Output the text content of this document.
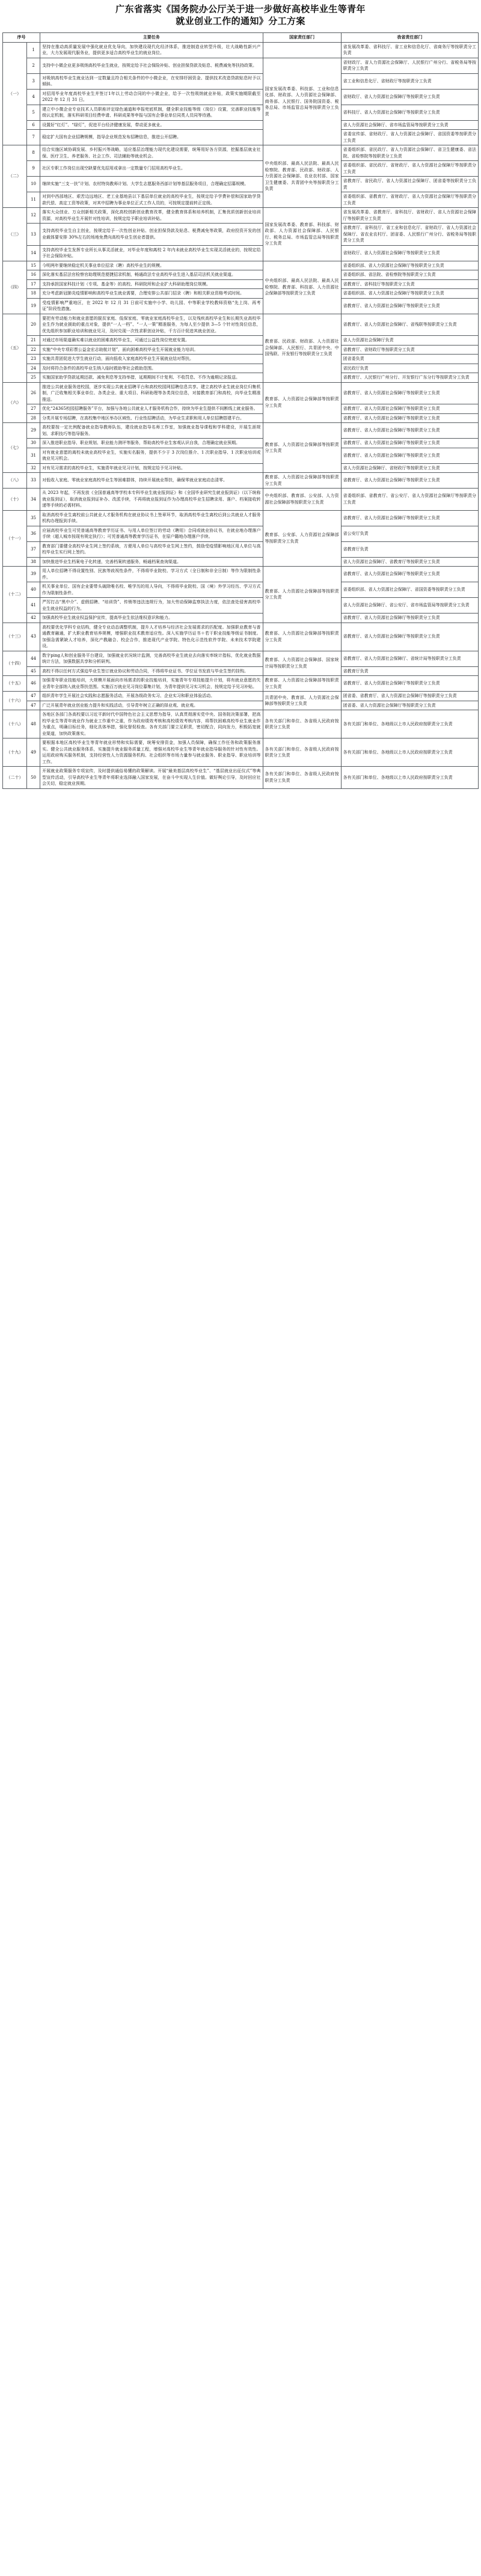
广东省落实《国务院办公厅关于进一步做好高校毕业生等青年
就业创业工作的通知》分工方案
序号		主要任务	国家责任部门	我省责任部门
（一）	1	坚持在推动高质量发展中强化就业优先导向，加快建设现代化经济体系，推进制造业转型升级，壮大战略性新兴产业，大力发展现代服务业，提供更多适合高校毕业生的就业岗位。		省发展改革委、省科技厅、省工业和信息化厅、省商务厅等按职责分工负责
	2	支持中小微企业更多吸纳高校毕业生就业，按规定给予社会保险补贴、创业担保贷款及贴息、税费减免等扶持政策。	国家发展改革委、科技部、工业和信息化部、财政部、人力资源社会保障部、商务部、人民银行、国务院国资委、税务总局、市场监管总局等按职责分工负责	省财政厅、省人力资源社会保障厅、人民银行广州分行、省税务局等按职责分工负责
	3	对吸纳高校毕业生就业达到一定数量且符合相关条件的中小微企业，在安排纾困资金、提供技术改造贷款贴息时予以倾斜。		省工业和信息化厅、省财政厅等按职责分工负责
	4	对招用毕业年度高校毕业生并签订1年以上劳动合同的中小微企业，给予一次性吸纳就业补贴，政策实施期限截至 2022 年 12 月 31 日。		省财政厅、省人力资源社会保障厅等按职责分工负责
	5	建立中小微企业专业技术人员职称评定绿色通道和申报兜底机制，健全职业技能等级（岗位）设置，完善职业技能等级认定机制，落实科研项目经费申请、科研成果等申报与国有企事业单位同类人员同等待遇。		省科技厅、省人力资源社会保障厅等按职责分工负责
	6	设置好“红灯”、“绿灯”，促进平台经济健康发展，带动更多就业。		省人力资源社会保障厅、省市场监管局等按职责分工负责
	7	稳定扩大国有企业招聘规模，指导企业规范发布招聘信息，推进公开招聘。		省委宣传部、省财政厅、省人力资源社会保障厅、省国资委等按职责分工负责
（二）	8	结合实施区域协调发展、乡村振兴等战略，适应基层治理能力现代化建设需要，统筹用好各方资源，挖掘基层就业社保、医疗卫生、养老服务、社会工作、司法辅助等就业机会。	中央组织部、最高人民法院、最高人民检察院、教育部、民政部、财政部、人力资源社会保障部、农业农村部、国家卫生健康委、共青团中央等按职责分工负责	省委组织部、省民政厅、省人力资源社会保障厅、省卫生健康委、省法院、省检察院等按职责分工负责
	9	社区专职工作岗位出现空缺要优先招用或拿出一定数量专门招用高校毕业生。		省委组织部、省民政厅、省财政厅、省人力资源社会保障厅等按职责分工负责
	10	继续实施“三支一扶”计划、农村特岗教师计划、大学生志愿服务西部计划等基层服务项目，合理确定招募规模。		省教育厅、省民政厅、省人力资源社会保障厅、团省委等按职责分工负责
	11	对到中西部地区、艰苦边远地区、老工业基地县以下基层单位就业的高校毕业生，按规定给予学费补偿和国家助学贷款代偿、高定工资等政策，对其中招聘为事业单位正式工作人员的，可按规定提前转正定级。		省委组织部、省教育厅、省财政厅、省人力资源社会保障厅等按职责分工负责
（三）	12	落实大众创业、万众创新相关政策，深化高校创新创业教育改革，健全教育体系和培养机制，汇集优质创新创业培训资源，对高校毕业生开展针对性培训，按规定给予职业培训补贴。	国家发展改革委、教育部、科技部、财政部、人力资源社会保障部、人民银行、税务总局、市场监管总局等按职责分工负责	省发展改革委、省教育厅、省科技厅、省财政厅、省人力资源社会保障厅等按职责分工负责
	13	支持高校毕业生自主创业，按规定给予一次性创业补贴、创业担保贷款及贴息、税费减免等政策，政府投资开发的创业载体要安排 30%左右的场地免费向高校毕业生创业者提供。		省教育厅、省科技厅、省工业和信息化厅、省财政厅、省人力资源社会保障厅、省农业农村厅、团省委、人民银行广州分行、省税务局等按职责分工负责
	14	支持高校毕业生发挥专业所长从事灵活就业，对毕业年度和离校 2 年内未就业高校毕业生实现灵活就业的，按规定给予社会保险补贴。		省财政厅、省人力资源社会保障厅等按职责分工负责
（四）	15	今明两年要继续稳定机关事业单位招录（聘）高校毕业生的规模。	中央组织部、最高人民法院、最高人民检察院、教育部、科技部、人力资源社会保障部等按职责分工负责	省委组织部、省人力资源社会保障厅等按职责分工负责
	16	深化落实基层法官检察官助理规范便捷招录机制，畅通政法专业高校毕业生进入基层司法机关就业渠道。		省委组织部、省法院、省检察院等按职责分工负责
	17	支持承担国家科技计划（专项、基金等）的高校、科研院所和企业扩大科研助理岗位规模。		省教育厅、省科技厅等按职责分工负责
	18	充分考虑新冠肺炎疫情影响和高校毕业生就业需要，合理安排公共部门招录（聘）和相关职业资格考试时间。		省委组织部、省人力资源社会保障厅等按职责分工负责
	19	受疫情影响严重地区，在 2022 年 12 月 31 日前可实施中小学、幼儿园、中等职业学校教师资格“先上岗、再考证”阶段性措施。		省教育厅、省人力资源社会保障厅等按职责分工负责
（五）	20	要把有劳动能力和就业意愿的脱贫家庭、低保家庭、零就业家庭高校毕业生，以及残疾高校毕业生和长期失业高校毕业生作为就业援助的重点对象，提供“一人一档”、“一人一策”精准服务，为每人至少提供 3—5 个针对性岗位信息，优先组织参加职业培训和就业见习，及时兑现一次性求职创业补贴，千方百计促进其就业创业。	教育部、民政部、财政部、人力资源社会保障部、人民银行、共青团中央、中国残联、开发银行等按职责分工负责	省教育厅、省人力资源社会保障厅、省残联等按职责分工负责
	21	对通过市场渠道确实难以就业的困难高校毕业生，可通过公益性岗位兜底安置。		省人力资源社会保障厅负责
	22	实施“中央专项彩票公益金宏志助航计划”，面向困难高校毕业生开展就业能力培训。		省教育厅、省财政厅等按职责分工负责
	23	实施共青团促进大学生就业行动，面向低收入家庭高校毕业生开展就业结对帮扶。		团省委负责
	24	及时将符合条件的高校毕业生纳入临时救助等社会救助范围。		省民政厅负责
	25	实施国家助学贷款延期还款、减免利息等支持举措，延期期间不计复利、不收罚息、不作为逾期记录报送。		省教育厅、人民银行广州分行、开发银行广东分行等按职责分工负责
（六）	26	推进公共就业服务进校园，逐步实现公共就业招聘平台和高校校园网招聘信息共享。建立高校毕业生就业岗位归集机制，广泛收集相关事业单位、各类企业、重大项目、科研助理等各类岗位信息，对接教育部门和高校，向毕业生精准推送。	教育部、人力资源社会保障部等按职责分工负责	省教育厅、省人力资源社会保障厅等按职责分工负责
	27	优化“24365校园招聘服务”平台，加强与各地公共就业人才服务机构合作，持续为毕业生提供不间断线上就业服务。		省教育厅、省人力资源社会保障厅等按职责分工负责
	28	分类开展专场招聘，在高校集中地区举办区域性、行业性招聘活动，为毕业生求职和用人单位招聘搭建平台。		省教育厅、省人力资源社会保障厅等按职责分工负责
（七）	29	高校要按一定比例配备就业指导教师队伍，建设就业指导名师工作室，加强就业指导课程和学科建设，开展生涯规划、求职技巧等指导服务。	教育部、人力资源社会保障部等按职责分工负责	省教育厅、省人力资源社会保障厅等按职责分工负责
	30	深入推进职业指导、职业规划、职业能力测评等服务，帮助高校毕业生客观认识自我，合理确定就业预期。		省教育厅、省人力资源社会保障厅等按职责分工负责
	31	对有就业意愿的离校未就业高校毕业生，实施实名服务，提供不少于 3 次岗位推介、1 次职业指导、1 次职业培训或就业见习机会。		省教育厅、省人力资源社会保障厅等按职责分工负责
	32	对有见习需求的高校毕业生，实施青年就业见习计划，按规定给予见习补贴。		省人力资源社会保障厅、省财政厅等按职责分工负责
（八）	33	对低收入家庭、零就业家庭高校毕业生等困难群体，持续开展就业帮扶，确保零就业家庭动态清零。	教育部、人力资源社会保障部等按职责分工负责	省教育厅、省人力资源社会保障厅等按职责分工负责
（十）	34	从 2023 年起，不再发放《全国普通高等学校本专科毕业生就业报到证》和《全国毕业研究生就业报到证》（以下统称就业报到证），取消就业报到证补办、改派手续，不再将就业报到证作为办理高校毕业生招聘录用、落户、档案接收转递等手续的必需材料。	中央组织部、教育部、公安部、人力资源社会保障部等按职责分工负责	省委组织部、省教育厅、省公安厅、省人力资源社会保障厅等按职责分工负责
（十一）	35	取消高校毕业生离校前公共就业人才服务机构在就业协议书上签章环节，取消高校毕业生离校后到公共就业人才服务机构办理报到手续。	教育部、公安部、人力资源社会保障部等按职责分工负责	省教育厅、省人力资源社会保障厅等按职责分工负责
	36	应届高校毕业生可凭普通高等教育学历证书、与用人单位签订的劳动（聘用）合同或就业协议书，在就业地办理落户手续（超人城市按现有规定执行）；可凭普通高等教育学历证书，在原户籍地办理落户手续。		省公安厅负责
	37	教育部门要健全高校毕业生网上签约系统，方便用人单位与高校毕业生网上签约，鼓励受疫情影响地区用人单位与高校毕业生实行网上签约。		省教育厅负责
	38	加快推进毕业生档案电子化转递，完善档案转递服务，畅通档案查询渠道。		省人力资源社会保障厅、省教育厅等按职责分工负责
（十二）	39	用人单位招聘不得设置性别、民族等歧视性条件，不得将毕业院校、学习方式（全日制和非全日制）等作为限制性条件。	教育部、人力资源社会保障部等按职责分工负责	省教育厅、省人力资源社会保障厅等按职责分工负责
	40	机关事业单位、国有企业要带头破除唯名校、唯学历的用人导向，不得将毕业院校、国（境）外学习经历、学习方式作为限制性条件。		省委组织部、省人力资源社会保障厅、省国资委等按职责分工负责
	41	严厉打击“黑中介”、虚假招聘、“培训贷”、传销等违法违规行为，加大劳动保障监察执法力度，依法查处侵害高校毕业生就业权益的行为。		省人力资源社会保障厅、省公安厅、省市场监管局等按职责分工负责
	42	加强高校毕业生就业权益保护宣传，提高毕业生依法维权意识和能力。		省教育厅、省人力资源社会保障厅等按职责分工负责
（十三）	43	高校要优化学科专业结构，健全专业动态调整机制，提升人才培养与经济社会发展需求的匹配度。加强职业教育与普通教育融通，扩大职业教育培养规模，增强职业技术教育适应性。深入实施学历证书＋若干职业技能等级证书制度。加强急需紧缺人才培养，深化产教融合、校企合作，推进现代产业学院、特色化示范性软件学院、未来技术学院建设。	教育部、人力资源社会保障部等按职责分工负责	省教育厅、省人力资源社会保障厅等按职责分工负责
（十四）	44	数字ping人和创业服务平台建设，加强就业状况统计监测，完善高校毕业生就业去向落实率统计指标，优化就业数据统计方法，加强数据共享和分析研判。	教育部、人力资源社会保障部、国家统计局等按职责分工负责	省教育厅、省人力资源社会保障厅、省统计局等按职责分工负责
	45	高校不得以任何方式强迫毕业生签订就业协议和劳动合同，不得将毕业证书、学位证书发放与毕业生签约挂钩。		省教育厅负责
（十五）	46	加强青年职业技能培训，大规模开展面向市场需求的职业技能培训，实施青年专项技能提升计划，将有就业意愿的失业青年全部纳入就业帮扶范围。实施百万就业见习岗位募集计划，为青年提供见习实习机会，按规定给予见习补贴。	教育部、人力资源社会保障部等按职责分工负责	省教育厅、省人力资源社会保障厅等按职责分工负责
（十六）	47	组织青年学生开展社会实践和志愿服务活动，开展各级政务实习、企业实习和职业体验活动。	共青团中央、教育部、人力资源社会保障部等按职责分工负责	团省委、省教育厅、省人力资源社会保障厅等按职责分工负责
	47	广泛开展青年就业创业能力提升和实践活动，引导青年树立正确的择业观、就业观。		团省委、省人力资源社会保障厅等按职责分工负责
（十八）	48	各地区各部门各高校要以习近平新时代中国特色社会主义思想为指导，认真贯彻落实党中央、国务院决策部署，把高校毕业生等青年就业作为就业工作重中之重，作为政府绩效考核和高校绩效考核内容，将帮扶困难高校毕业生就业作为重点，明确目标任务，细化具体举措，强化督促检查。各有关部门要立足职责，密切配合，同向发力，积极拓宽就业渠道，加快政策落实。	各有关部门和单位、各省级人民政府按职责分工负责	各有关部门和单位、各地级以上市人民政府按职责分工负责
（十九）	49	要根据本地区高校毕业生等青年就业形势和实际需要，统筹安排资金，加强人员保障，确保工作任务和政策服务落实。健全公共就业服务体系，实施提升就业服务质量工程，增强对高校毕业生等青年就业指导服务的针对性有效性。运用政府购买服务机制，支持经营性人力资源服务机构、社会组织等市场力量参与就业服务、职业指导、职业培训等工作。	各有关部门和单位、各省级人民政府按职责分工负责	各有关部门和单位、各地级以上市人民政府按职责分工负责
（二十）	50	开展就业政策服务专项宣传，及时提供通俗易懂的政策解读。开展“最美基层高校毕业生”、“基层就业出征仪式”等典型宣传活动，引导高校毕业生等青年将职业选择融入国家发展，在奋斗中实现人生价值。做好舆论引导，及时回应社会关切，稳定就业预期。	各有关部门和单位、各省级人民政府按职责分工负责	各有关部门和单位、各地级以上市人民政府按职责分工负责
